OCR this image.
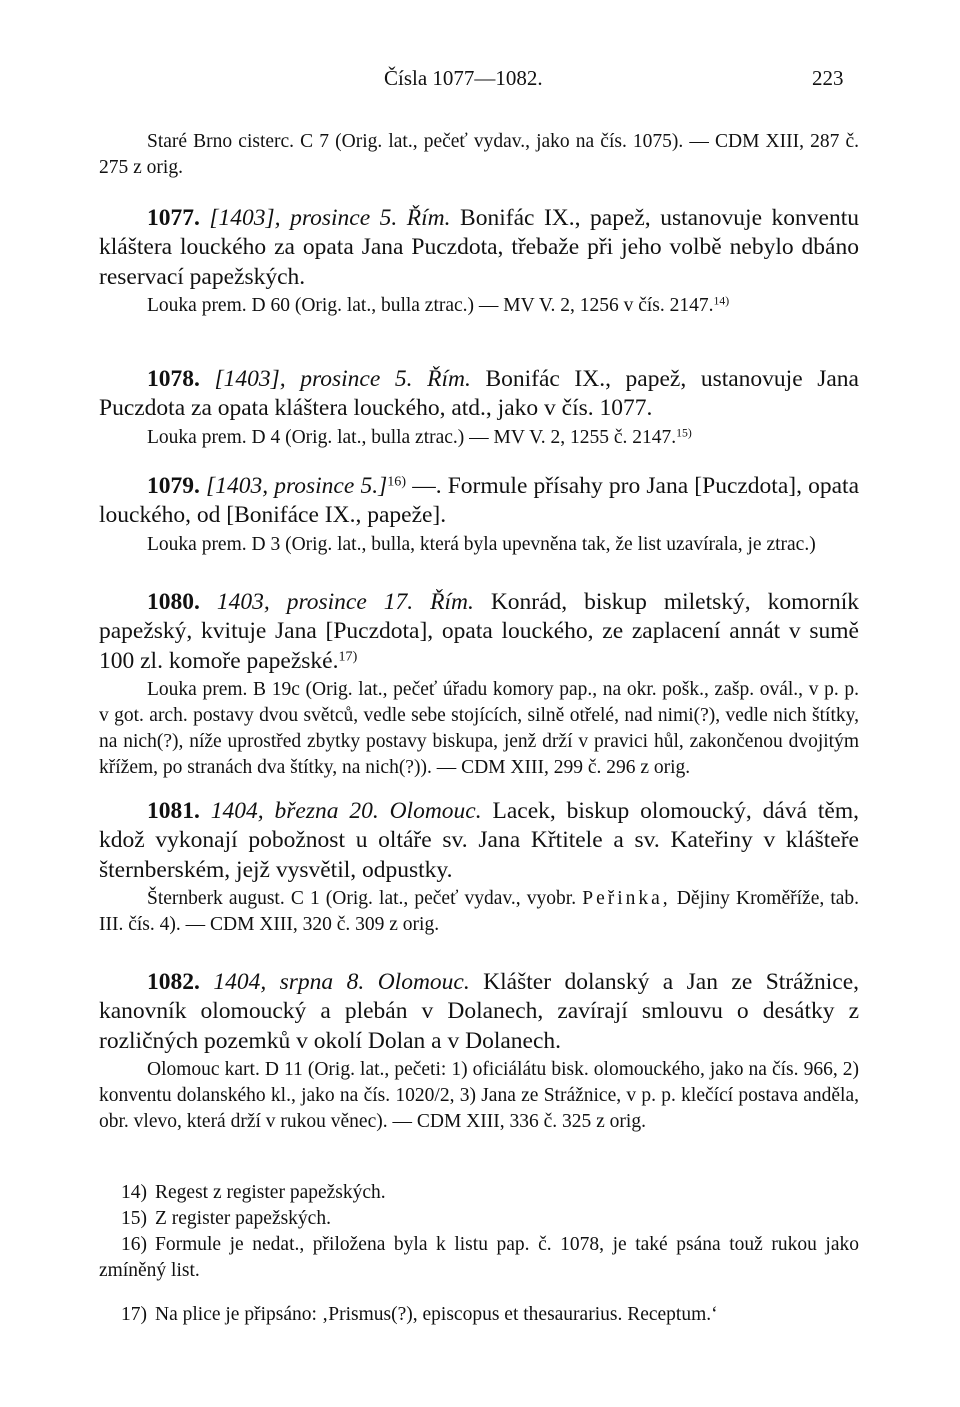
Čísla 1077—1082.	223
Staré Brno cisterc. C 7 (Orig. lat., pečeť vydav., jako na čís. 1075). — CDM XIII, 287 č. 275 z orig.
1077. [1403], prosince 5. Řím. Bonifác IX., papež, ustanovuje konventu kláštera louckého za opata Jana Puczdota, třebaže při jeho volbě nebylo dbáno reservací papežských.
Louka prem. D 60 (Orig. lat., bulla ztrac.) — MV V. 2, 1256 v čís. 2147.$^{14)}$
1078. [1403], prosince 5. Řím. Bonifác IX., papež, ustanovuje Jana Puczdota za opata kláštera louckého, atd., jako v čís. 1077.
Louka prem. D 4 (Orig. lat., bulla ztrac.) — MV V. 2, 1255 č. 2147.$^{15)}$
1079. [1403, prosince 5.]$^{16)}$ —. Formule přísahy pro Jana [Puczdota], opata louckého, od [Bonifáce IX., papeže].
Louka prem. D 3 (Orig. lat., bulla, která byla upevněna tak, že list uzavírala, je ztrac.)
1080. 1403, prosince 17. Řím. Konrád, biskup miletský, komorník papežský, kvituje Jana [Puczdota], opata louckého, ze zaplacení annát v sumě 100 zl. komoře papežské.$^{17)}$
Louka prem. B 19c (Orig. lat., pečeť úřadu komory pap., na okr. pošk., zašp. ovál., v p. p. v got. arch. postavy dvou světců, vedle sebe stojících, silně otřelé, nad nimi(?), vedle nich štítky, na nich(?), níže uprostřed zbytky postavy biskupa, jenž drží v pravici hůl, zakončenou dvojitým křížem, po stranách dva štítky, na nich(?)). — CDM XIII, 299 č. 296 z orig.
1081. 1404, března 20. Olomouc. Lacek, biskup olomoucký, dává těm, kdož vykonají pobožnost u oltáře sv. Jana Křtitele a sv. Kateřiny v klášteře šternberském, jejž vysvětil, odpustky.
Šternberk august. C 1 (Orig. lat., pečeť vydav., vyobr. Peřinka, Dějiny Kroměříže, tab. III. čís. 4). — CDM XIII, 320 č. 309 z orig.
1082. 1404, srpna 8. Olomouc. Klášter dolanský a Jan ze Strážnice, kanovník olomoucký a plebán v Dolanech, zavírají smlouvu o desátky z rozličných pozemků v okolí Dolan a v Dolanech.
Olomouc kart. D 11 (Orig. lat., pečeti: 1) oficiálátu bisk. olomouckého, jako na čís. 966, 2) konventu dolanského kl., jako na čís. 1020/2, 3) Jana ze Strážnice, v p. p. klečící postava anděla, obr. vlevo, která drží v rukou věnec). — CDM XIII, 336 č. 325 z orig.
14) Regest z register papežských.
15) Z register papežských.
16) Formule je nedat., přiložena byla k listu pap. č. 1078, je také psána touž rukou jako zmíněný list.
17) Na plice je připsáno: ‚Prismus(?), episcopus et thesaurarius. Receptum.‘
